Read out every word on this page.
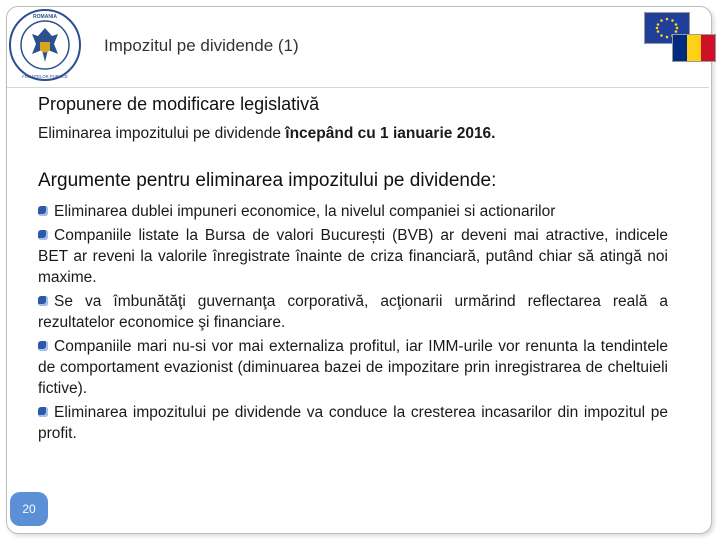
ROMANIA
FINANTELOR PUBLICE
Impozitul pe dividende (1)
Propunere de modificare legislativă
Eliminarea impozitului pe dividende începând cu 1 ianuarie 2016.
Argumente pentru eliminarea impozitului pe dividende:
Eliminarea dublei impuneri economice, la nivelul companiei si actionarilor
Companiile listate la Bursa de valori București (BVB) ar deveni mai atractive, indicele BET ar reveni la valorile înregistrate înainte de criza financiară, putând chiar să atingă noi maxime.
Se va îmbunătăţi guvernanţa corporativă, acţionarii urmărind reflectarea reală a rezultatelor economice şi financiare.
Companiile mari nu-si vor mai externaliza profitul, iar IMM-urile vor renunta la tendintele de comportament evazionist (diminuarea bazei de impozitare prin inregistrarea de cheltuieli fictive).
Eliminarea impozitului pe dividende va conduce la cresterea incasarilor din impozitul pe profit.
20
